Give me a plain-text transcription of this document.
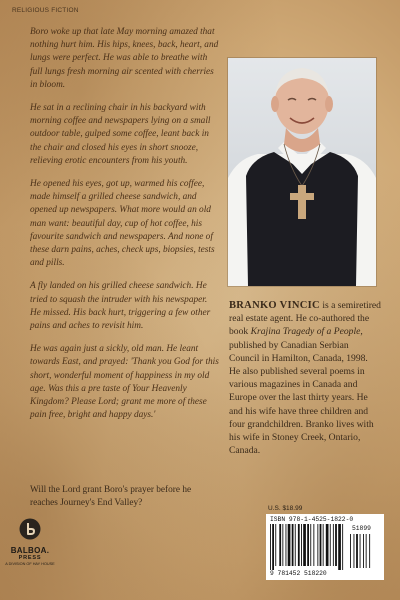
RELIGIOUS FICTION

Boro woke up that late May morning amazed that nothing hurt him. His hips, knees, back, heart, and lungs were perfect. He was able to breathe with full lungs fresh morning air scented with cherries in bloom.

He sat in a reclining chair in his backyard with morning coffee and newspapers lying on a small outdoor table, gulped some coffee, leant back in the chair and closed his eyes in short snooze, relieving erotic encounters from his youth.

He opened his eyes, got up, warmed his coffee, made himself a grilled cheese sandwich, and opened up newspapers. What more would an old man want: beautiful day, cup of hot coffee, his favourite sandwich and newspapers. And none of these darn pains, aches, check ups, biopsies, tests and pills.

A fly landed on his grilled cheese sandwich. He tried to squash the intruder with his newspaper. He missed. His back hurt, triggering a few other pains and aches to revisit him.

He was again just a sickly, old man. He leant towards East, and prayed: 'Thank you God for this short, wonderful moment of happiness in my old age. Was this a pre taste of Your Heavenly Kingdom? Please Lord; grant me more of these pain free, bright and happy days.'

Will the Lord grant Boro's prayer before he reaches Journey's End Valley?
BRANKO VINCIC is a semiretired real estate agent. He co-authored the book Krajina Tragedy of a People, published by Canadian Serbian Council in Hamilton, Canada, 1998. He also published several poems in various magazines in Canada and Europe over the last thirty years. He and his wife have three children and four grandchildren. Branko lives with his wife in Stoney Creek, Ontario, Canada.
U.S. $18.99
ISBN 978-1-4525-1822-0
51899
9 781452 518220
BALBOA.
PRESS
A DIVISION OF HAY HOUSE
